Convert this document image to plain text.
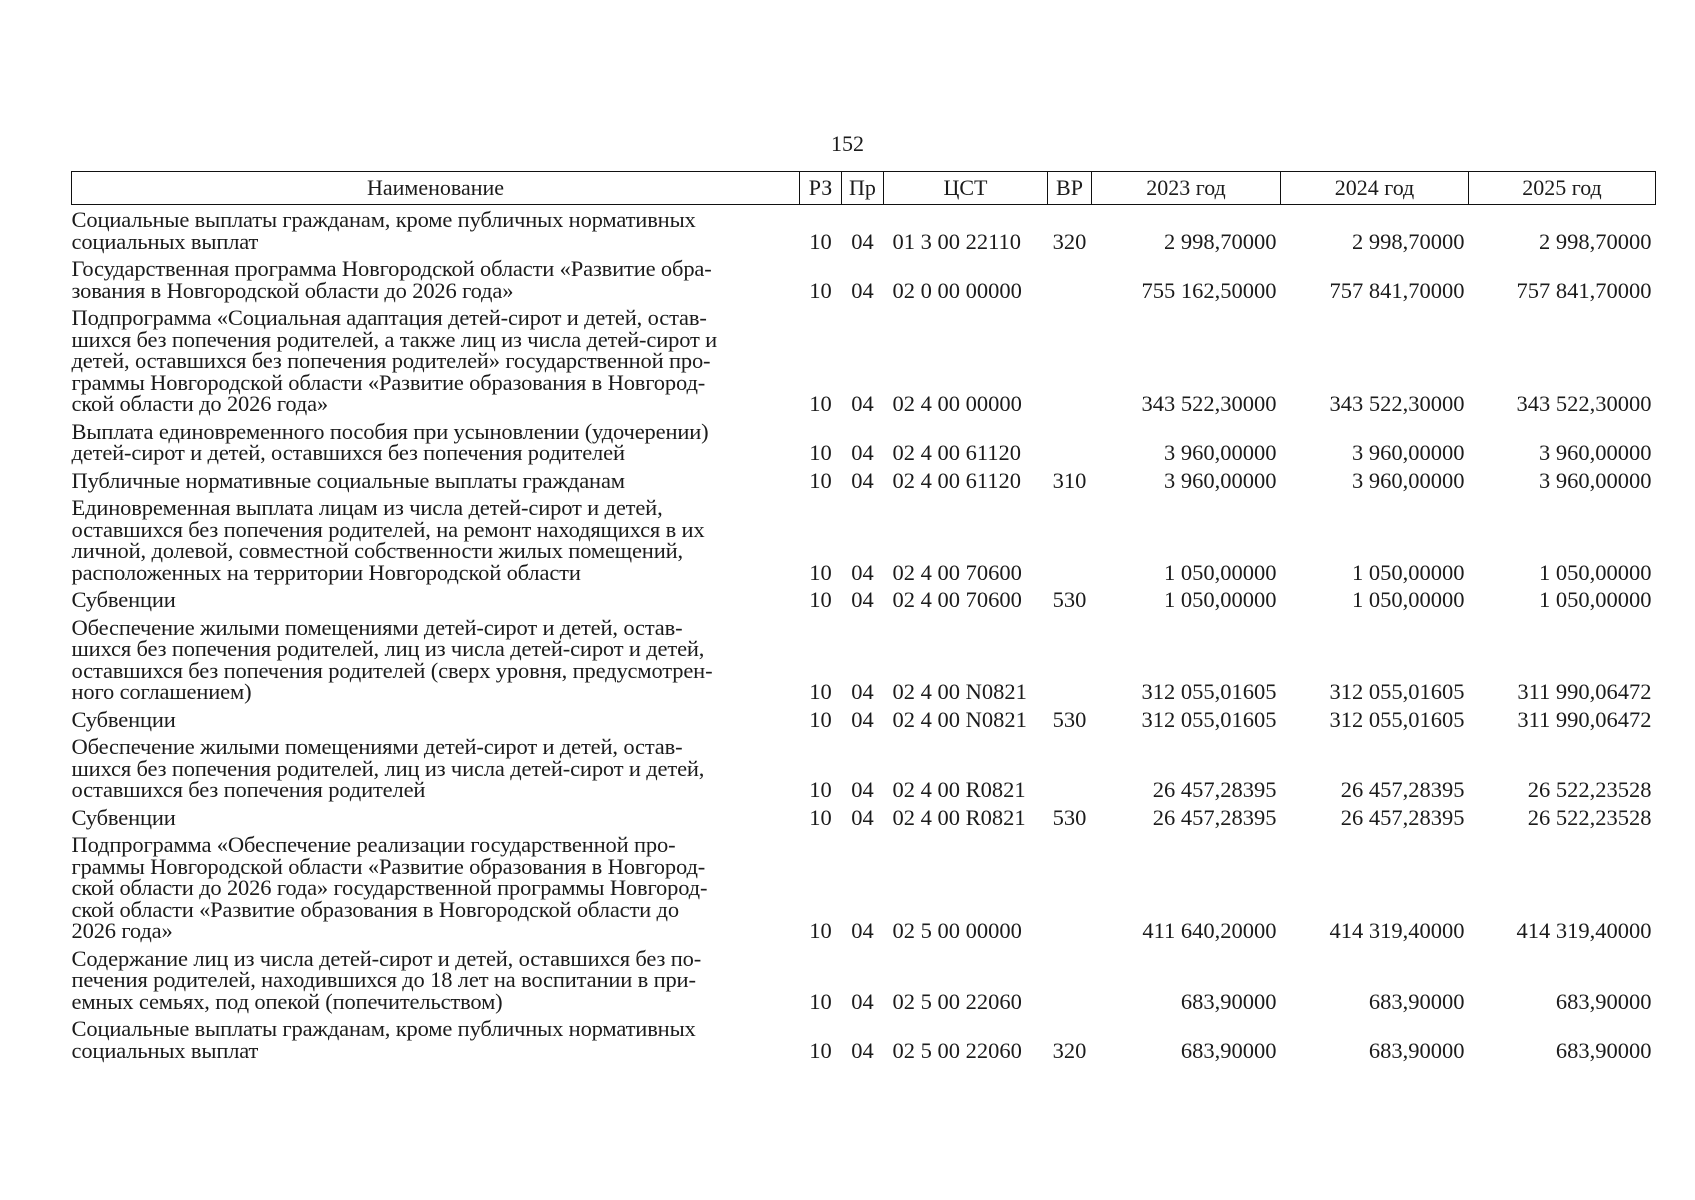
152
Наименование	РЗ	Пр	ЦСТ	ВР	2023 год	2024 год	2025 год

Социальные выплаты гражданам, кроме публичных нормативных
социальных выплат	10	04	01 3 00 22110	320	2 998,70000	2 998,70000	2 998,70000

Государственная программа Новгородской области «Развитие обра-
зования в Новгородской области до 2026 года»	10	04	02 0 00 00000		755 162,50000	757 841,70000	757 841,70000

Подпрограмма «Социальная адаптация детей-сирот и детей, остав-
шихся без попечения родителей, а также лиц из числа детей-сирот и
детей, оставшихся без попечения родителей» государственной про-
граммы Новгородской области «Развитие образования в Новгород-
ской области до 2026 года»	10	04	02 4 00 00000		343 522,30000	343 522,30000	343 522,30000

Выплата единовременного пособия при усыновлении (удочерении)
детей-сирот и детей, оставшихся без попечения родителей	10	04	02 4 00 61120		3 960,00000	3 960,00000	3 960,00000

Публичные нормативные социальные выплаты гражданам	10	04	02 4 00 61120	310	3 960,00000	3 960,00000	3 960,00000

Единовременная выплата лицам из числа детей-сирот и детей,
оставшихся без попечения родителей, на ремонт находящихся в их
личной, долевой, совместной собственности жилых помещений,
расположенных на территории Новгородской области	10	04	02 4 00 70600		1 050,00000	1 050,00000	1 050,00000

Субвенции	10	04	02 4 00 70600	530	1 050,00000	1 050,00000	1 050,00000

Обеспечение жилыми помещениями детей-сирот и детей, остав-
шихся без попечения родителей, лиц из числа детей-сирот и детей,
оставшихся без попечения родителей (сверх уровня, предусмотрен-
ного соглашением)	10	04	02 4 00 N0821		312 055,01605	312 055,01605	311 990,06472

Субвенции	10	04	02 4 00 N0821	530	312 055,01605	312 055,01605	311 990,06472

Обеспечение жилыми помещениями детей-сирот и детей, остав-
шихся без попечения родителей, лиц из числа детей-сирот и детей,
оставшихся без попечения родителей	10	04	02 4 00 R0821		26 457,28395	26 457,28395	26 522,23528

Субвенции	10	04	02 4 00 R0821	530	26 457,28395	26 457,28395	26 522,23528

Подпрограмма «Обеспечение реализации государственной про-
граммы Новгородской области «Развитие образования в Новгород-
ской области до 2026 года» государственной программы Новгород-
ской области «Развитие образования в Новгородской области до
2026 года»	10	04	02 5 00 00000		411 640,20000	414 319,40000	414 319,40000

Содержание лиц из числа детей-сирот и детей, оставшихся без по-
печения родителей, находившихся до 18 лет на воспитании в при-
емных семьях, под опекой (попечительством)	10	04	02 5 00 22060		683,90000	683,90000	683,90000

Социальные выплаты гражданам, кроме публичных нормативных
социальных выплат	10	04	02 5 00 22060	320	683,90000	683,90000	683,90000
